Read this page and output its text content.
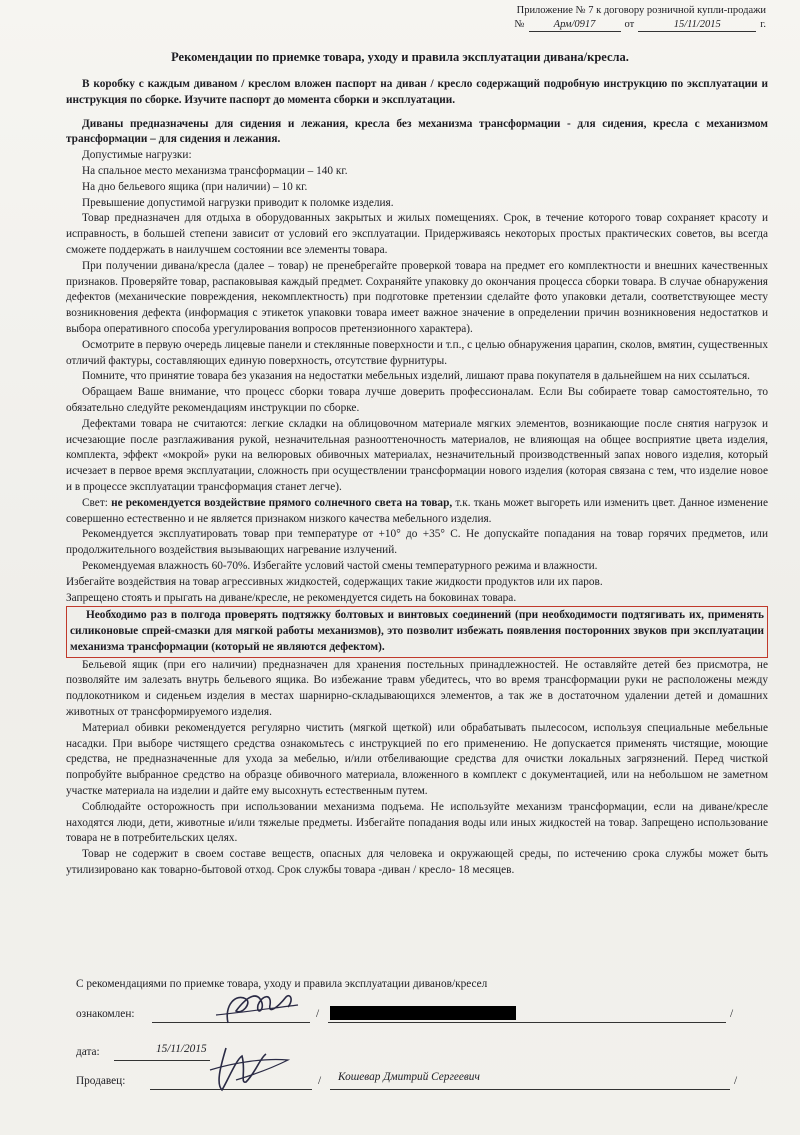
Приложение № 7 к договору розничной купли-продажи
№	Арм/0917	от	15/11/2015	г.
Рекомендации по приемке товара, уходу и правила эксплуатации дивана/кресла.

В коробку с каждым диваном / креслом вложен паспорт на диван / кресло содержащий подробную инструкцию по эксплуатации и инструкция по сборке. Изучите паспорт до момента сборки и эксплуатации.

Диваны предназначены для сидения и лежания, кресла без механизма трансформации - для сидения, кресла с механизмом трансформации – для сидения и лежания.

Допустимые нагрузки:

На спальное место механизма трансформации – 140 кг.

На дно бельевого ящика (при наличии) – 10 кг.

Превышение допустимой нагрузки приводит к поломке изделия.

Товар предназначен для отдыха в оборудованных закрытых и жилых помещениях. Срок, в течение которого товар сохраняет красоту и исправность, в большей степени зависит от условий его эксплуатации. Придерживаясь некоторых простых практических советов, вы всегда сможете поддержать в наилучшем состоянии все элементы товара.

При получении дивана/кресла (далее – товар) не пренебрегайте проверкой товара на предмет его комплектности и внешних качественных признаков. Проверяйте товар, распаковывая каждый предмет. Сохраняйте упаковку до окончания процесса сборки товара. В случае обнаружения дефектов (механические повреждения, некомплектность) при подготовке претензии сделайте фото упаковки детали, соответствующее месту возникновения дефекта (информация с этикеток упаковки товара имеет важное значение в определении причин возникновения недостатков и выбора оперативного способа урегулирования вопросов претензионного характера).

Осмотрите в первую очередь лицевые панели и стеклянные поверхности и т.п., с целью обнаружения царапин, сколов, вмятин, существенных отличий фактуры, составляющих единую поверхность, отсутствие фурнитуры.

Помните, что принятие товара без указания на недостатки мебельных изделий, лишают права покупателя в дальнейшем на них ссылаться.

Обращаем Ваше внимание, что процесс сборки товара лучше доверить профессионалам. Если Вы собираете товар самостоятельно, то обязательно следуйте рекомендациям инструкции по сборке.

Дефектами товара не считаются: легкие складки на облицовочном материале мягких элементов, возникающие после снятия нагрузок и исчезающие после разглаживания рукой, незначительная разнооттеночность материалов, не влияющая на общее восприятие цвета изделия, комплекта, эффект «мокрой» руки на велюровых обивочных материалах, незначительный производственный запах нового изделия, который исчезает в первое время эксплуатации, сложность при осуществлении трансформации нового изделия (которая связана с тем, что изделие новое и в процессе эксплуатации трансформация станет легче).

Свет: не рекомендуется воздействие прямого солнечного света на товар, т.к. ткань может выгореть или изменить цвет. Данное изменение совершенно естественно и не является признаком низкого качества мебельного изделия.

Рекомендуется эксплуатировать товар при температуре от +10° до +35° С. Не допускайте попадания на товар горячих предметов, или продолжительного воздействия вызывающих нагревание излучений.

Рекомендуемая влажность 60-70%. Избегайте условий частой смены температурного режима и влажности.

Избегайте воздействия на товар агрессивных жидкостей, содержащих такие жидкости продуктов или их паров.

Запрещено стоять и прыгать на диване/кресле, не рекомендуется сидеть на боковинах товара.

Необходимо раз в полгода проверять подтяжку болтовых и винтовых соединений (при необходимости подтягивать их, применять силиконовые спрей-смазки для мягкой работы механизмов), это позволит избежать появления посторонних звуков при эксплуатации механизма трансформации (который не являются дефектом).

Бельевой ящик (при его наличии) предназначен для хранения постельных принадлежностей. Не оставляйте детей без присмотра, не позволяйте им залезать внутрь бельевого ящика. Во избежание травм убедитесь, что во время трансформации руки не расположены между подлокотником и сиденьем изделия в местах шарнирно-складывающихся элементов, а так же в достаточном удалении детей и домашних животных от трансформируемого изделия.

Материал обивки рекомендуется регулярно чистить (мягкой щеткой) или обрабатывать пылесосом, используя специальные мебельные насадки. При выборе чистящего средства ознакомьтесь с инструкцией по его применению. Не допускается применять чистящие, моющие средства, не предназначенные для ухода за мебелью, и/или отбеливающие средства для очистки локальных загрязнений. Перед чисткой попробуйте выбранное средство на образце обивочного материала, вложенного в комплект с документацией, или на небольшом не заметном участке материала на изделии и дайте ему высохнуть естественным путем.

Соблюдайте осторожность при использовании механизма подъема. Не используйте механизм трансформации, если на диване/кресле находятся люди, дети, животные и/или тяжелые предметы. Избегайте попадания воды или иных жидкостей на товар. Запрещено использование товара не в потребительских целях.

Товар не содержит в своем составе веществ, опасных для человека и окружающей среды, по истечению срока службы может быть утилизировано как товарно-бытовой отход. Срок службы товара -диван / кресло- 18 месяцев.

С рекомендациями по приемке товара, уходу и правила эксплуатации диванов/кресел
ознакомлен:	/	/
дата:	15/11/2015
Продавец:	/ Кошевар Дмитрий Сергеевич	/
